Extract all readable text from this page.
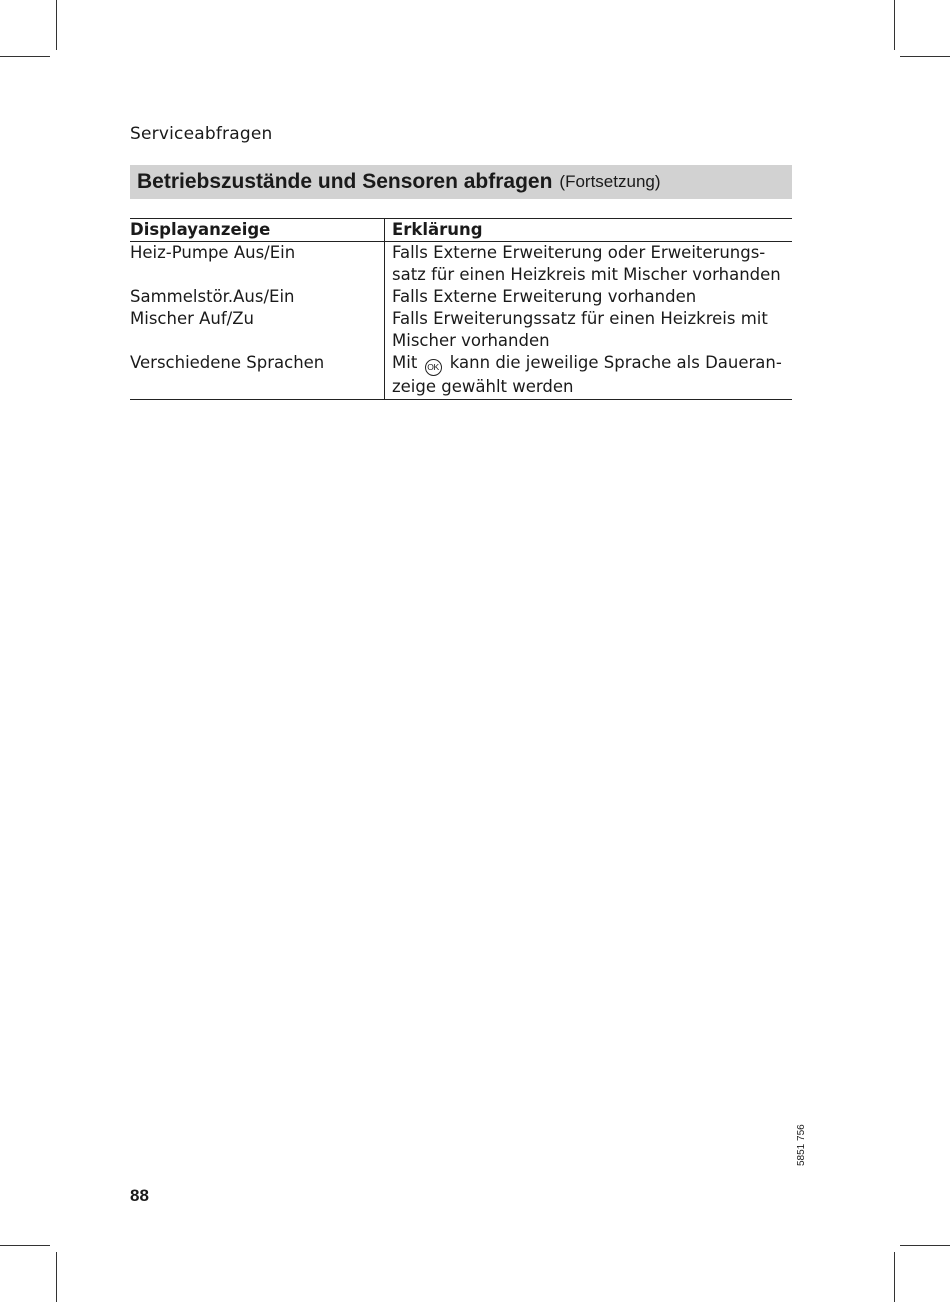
Serviceabfragen
Betriebszustände und Sensoren abfragen (Fortsetzung)
Displayanzeige	Erklärung
Heiz-Pumpe Aus/Ein	Falls Externe Erweiterung oder Erweiterungs-
satz für einen Heizkreis mit Mischer vorhanden

Sammelstör.Aus/Ein	Falls Externe Erweiterung vorhanden

Mischer Auf/Zu	Falls Erweiterungssatz für einen Heizkreis mit
Mischer vorhanden

Verschiedene Sprachen	Mit OK kann die jeweilige Sprache als Daueran-
zeige gewählt werden
5851 756
88
